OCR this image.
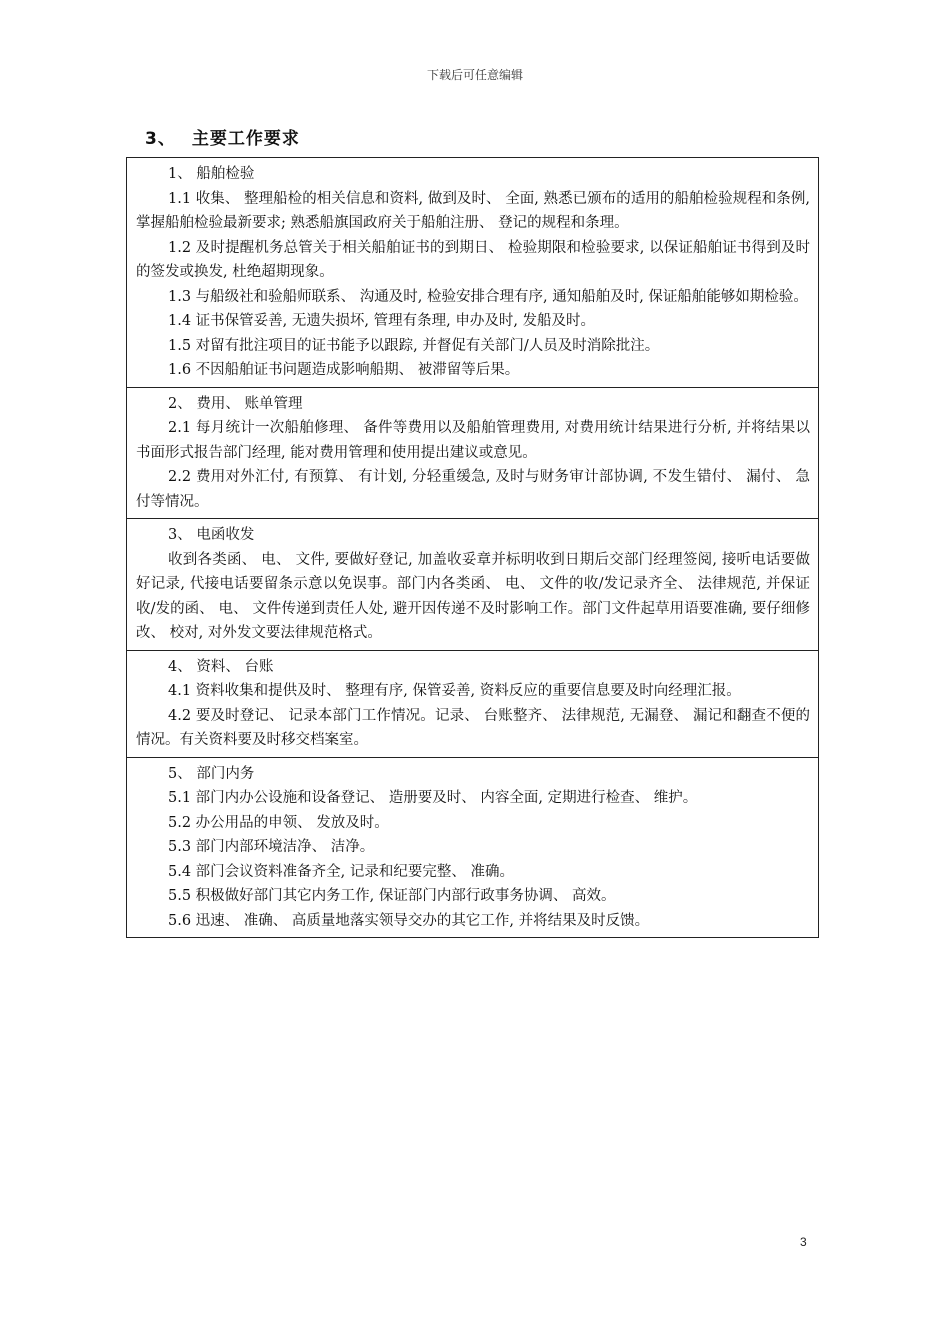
下载后可任意编辑
3、 主要工作要求

1、 船舶检验

1.1 收集、 整理船检的相关信息和资料, 做到及时、 全面, 熟悉已颁布的适用的船舶检验规程和条例, 掌握船舶检验最新要求; 熟悉船旗国政府关于船舶注册、 登记的规程和条理。

1.2 及时提醒机务总管关于相关船舶证书的到期日、 检验期限和检验要求, 以保证船舶证书得到及时的签发或换发, 杜绝超期现象。

1.3 与船级社和验船师联系、 沟通及时, 检验安排合理有序, 通知船舶及时, 保证船舶能够如期检验。

1.4 证书保管妥善, 无遗失损坏, 管理有条理, 申办及时, 发船及时。

1.5 对留有批注项目的证书能予以跟踪, 并督促有关部门/人员及时消除批注。

1.6 不因船舶证书问题造成影响船期、 被滞留等后果。

2、 费用、 账单管理

2.1 每月统计一次船舶修理、 备件等费用以及船舶管理费用, 对费用统计结果进行分析, 并将结果以书面形式报告部门经理, 能对费用管理和使用提出建议或意见。

2.2 费用对外汇付, 有预算、 有计划, 分轻重缓急, 及时与财务审计部协调, 不发生错付、 漏付、 急付等情况。

3、 电函收发

收到各类函、 电、 文件, 要做好登记, 加盖收妥章并标明收到日期后交部门经理签阅, 接听电话要做好记录, 代接电话要留条示意以免误事。部门内各类函、 电、 文件的收/发记录齐全、 法律规范, 并保证收/发的函、 电、 文件传递到责任人处, 避开因传递不及时影响工作。部门文件起草用语要准确, 要仔细修改、 校对, 对外发文要法律规范格式。

4、 资料、 台账

4.1 资料收集和提供及时、 整理有序, 保管妥善, 资料反应的重要信息要及时向经理汇报。

4.2 要及时登记、 记录本部门工作情况。记录、 台账整齐、 法律规范, 无漏登、 漏记和翻查不便的情况。有关资料要及时移交档案室。

5、 部门内务

5.1 部门内办公设施和设备登记、 造册要及时、 内容全面, 定期进行检查、 维护。

5.2 办公用品的申领、 发放及时。

5.3 部门内部环境洁净、 洁净。

5.4 部门会议资料准备齐全, 记录和纪要完整、 准确。

5.5 积极做好部门其它内务工作, 保证部门内部行政事务协调、 高效。

5.6 迅速、 准确、 高质量地落实领导交办的其它工作, 并将结果及时反馈。

3
